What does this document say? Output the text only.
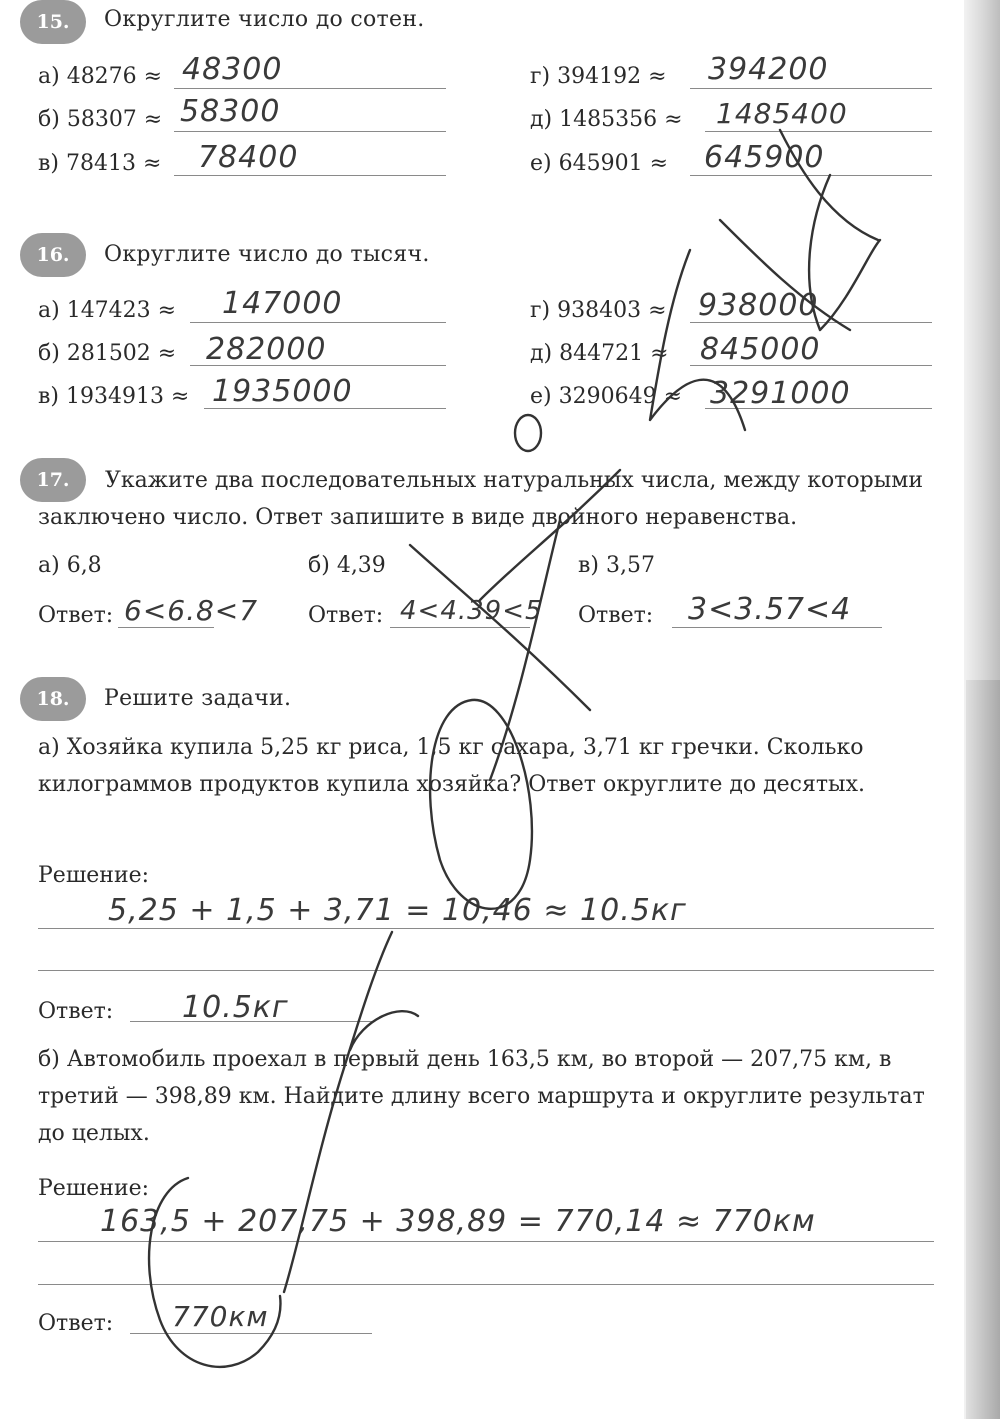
15.	Округлите число до сотен.
а) 48276 ≈ 48300
б) 58307 ≈ 58300
в) 78413 ≈ 78400
г) 394192 ≈ 394200
д) 1485356 ≈ 1485400
е) 645901 ≈ 645900
16.	Округлите число до тысяч.
а) 147423 ≈ 147000
б) 281502 ≈ 282000
в) 1934913 ≈ 1935000
г) 938403 ≈ 938000
д) 844721 ≈ 845000
е) 3290649 ≈ 3291000
17.	Укажите два последовательных натуральных числа, между которыми заключено число. Ответ запишите в виде двойного неравенства.
а) 6,8	б) 4,39	в) 3,57
Ответ: 6<6.8<7 Ответ: 4<4.39<5 Ответ: 3<3.57<4
18.	Решите задачи.
а) Хозяйка купила 5,25 кг риса, 1,5 кг сахара, 3,71 кг гречки. Сколько килограммов продуктов купила хозяйка? Ответ округлите до десятых.
Решение:
5,25 + 1,5 + 3,71 = 10,46 ≈ 10.5кг
Ответ: 10.5кг
б) Автомобиль проехал в первый день 163,5 км, во второй — 207,75 км, в третий — 398,89 км. Найдите длину всего маршрута и округлите результат до целых.
Решение:
163,5 + 207,75 + 398,89 = 770,14 ≈ 770км
Ответ: 770км
